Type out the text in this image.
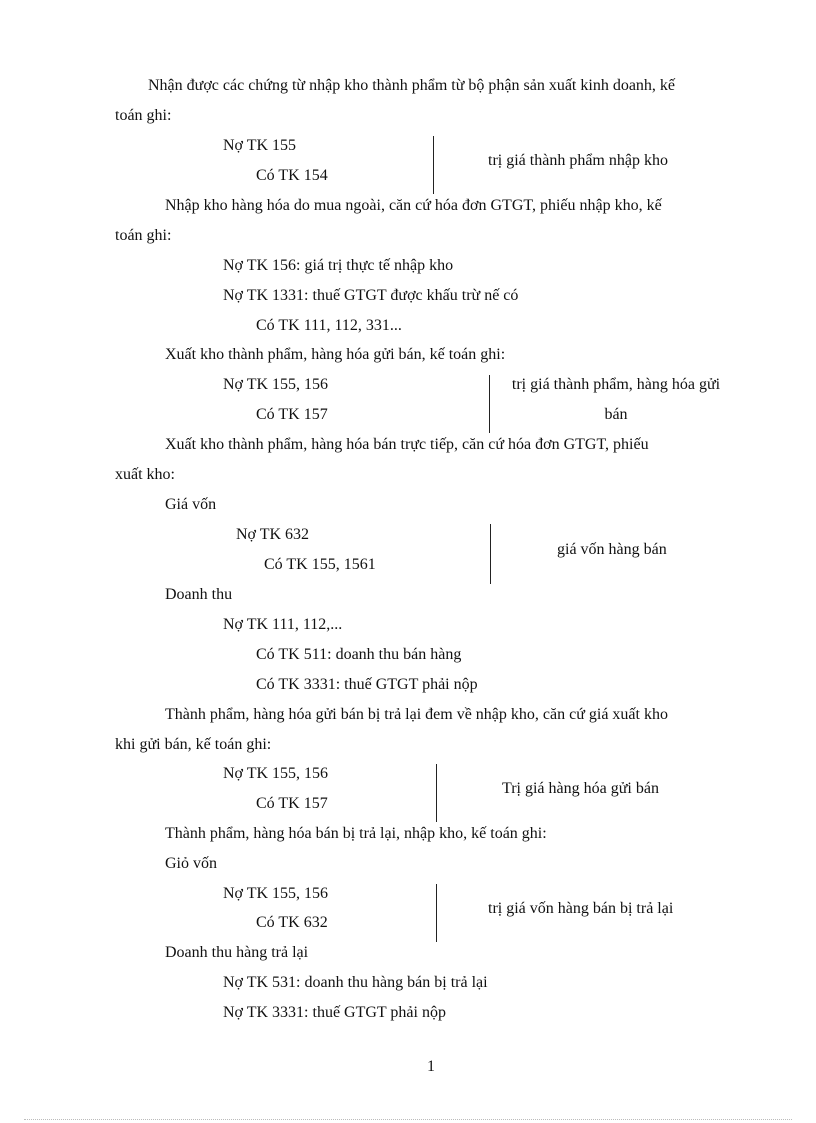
Nhận được các chứng từ nhập kho thành phẩm từ bộ phận sản xuất kinh doanh, kế
toán ghi:
Nợ TK 155
Có TK 154
trị giá thành phẩm nhập kho
Nhập kho hàng hóa do mua ngoài, căn cứ hóa đơn GTGT, phiếu nhập kho, kế
toán ghi:
Nợ TK 156: giá trị thực tế nhập kho
Nợ TK 1331: thuế GTGT được khấu trừ nế có
Có TK 111, 112, 331...
Xuất kho thành phẩm, hàng hóa gửi bán, kế toán ghi:
Nợ TK 155, 156
Có TK 157
trị giá thành phẩm, hàng hóa gửi
bán
Xuất kho thành phẩm, hàng hóa bán trực tiếp, căn cứ hóa đơn GTGT, phiếu
xuất kho:
Giá vốn
Nợ TK 632
Có TK 155, 1561
giá vốn hàng bán
Doanh thu
Nợ TK 111, 112,...
Có TK 511: doanh thu bán hàng
Có TK 3331: thuế GTGT phải nộp
Thành phẩm, hàng hóa gửi bán bị trả lại đem về nhập kho, căn cứ giá xuất kho
khi gửi bán, kế toán ghi:
Nợ TK 155, 156
Có TK 157
Trị giá hàng hóa gửi bán
Thành phẩm, hàng hóa bán bị trả lại, nhập kho, kế toán ghi:
Giỏ vốn
Nợ TK 155, 156
Có TK 632
trị giá vốn hàng bán bị trả lại
Doanh thu hàng trả lại
Nợ TK 531: doanh thu hàng bán bị trả lại
Nợ TK 3331: thuế GTGT phải nộp
1
